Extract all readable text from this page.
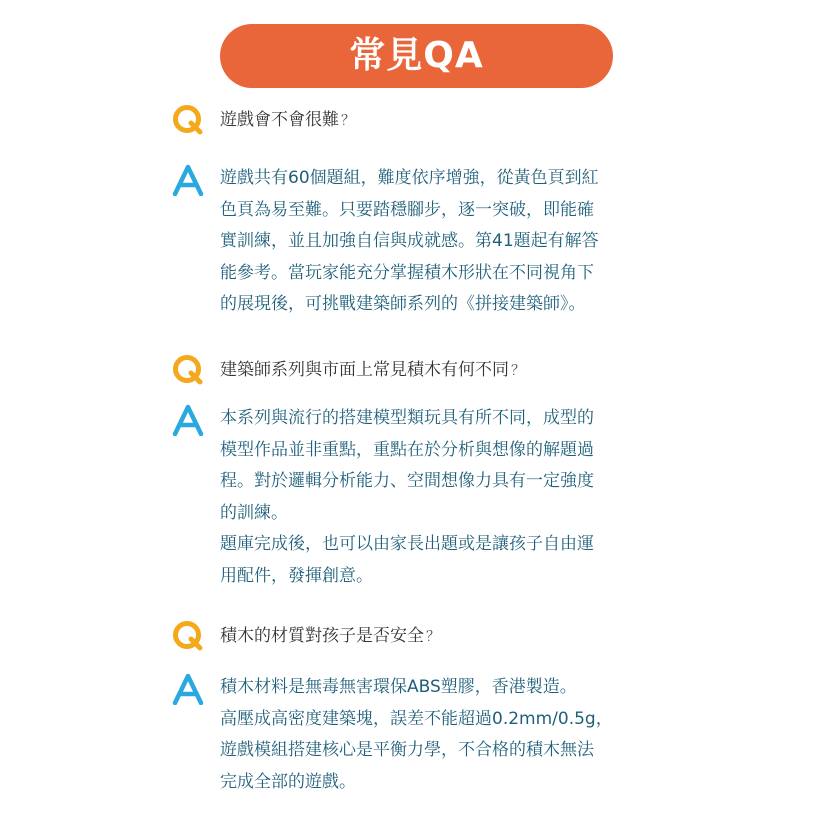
常見QA
遊戲會不會很難 ？
遊戲共有60個題組，難度依序增強，從黃色頁到紅
色頁為易至難。只要踏穩腳步，逐一突破，即能確
實訓練，並且加強自信與成就感。第41題起有解答
能參考。當玩家能充分掌握積木形狀在不同視角下
的展現後，可挑戰建築師系列的《拼接建築師》。
建築師系列與市面上常見積木有何不同 ？
本系列與流行的搭建模型類玩具有所不同，成型的
模型作品並非重點，重點在於分析與想像的解題過
程。對於邏輯分析能力、空間想像力具有一定強度
的訓練。
題庫完成後，也可以由家長出題或是讓孩子自由運
用配件，發揮創意。
積木的材質對孩子是否安全 ？
積木材料是無毒無害環保ABS塑膠，香港製造。
高壓成高密度建築塊，誤差不能超過0.2mm/0.5g，
遊戲模組搭建核心是平衡力學，不合格的積木無法
完成全部的遊戲。
